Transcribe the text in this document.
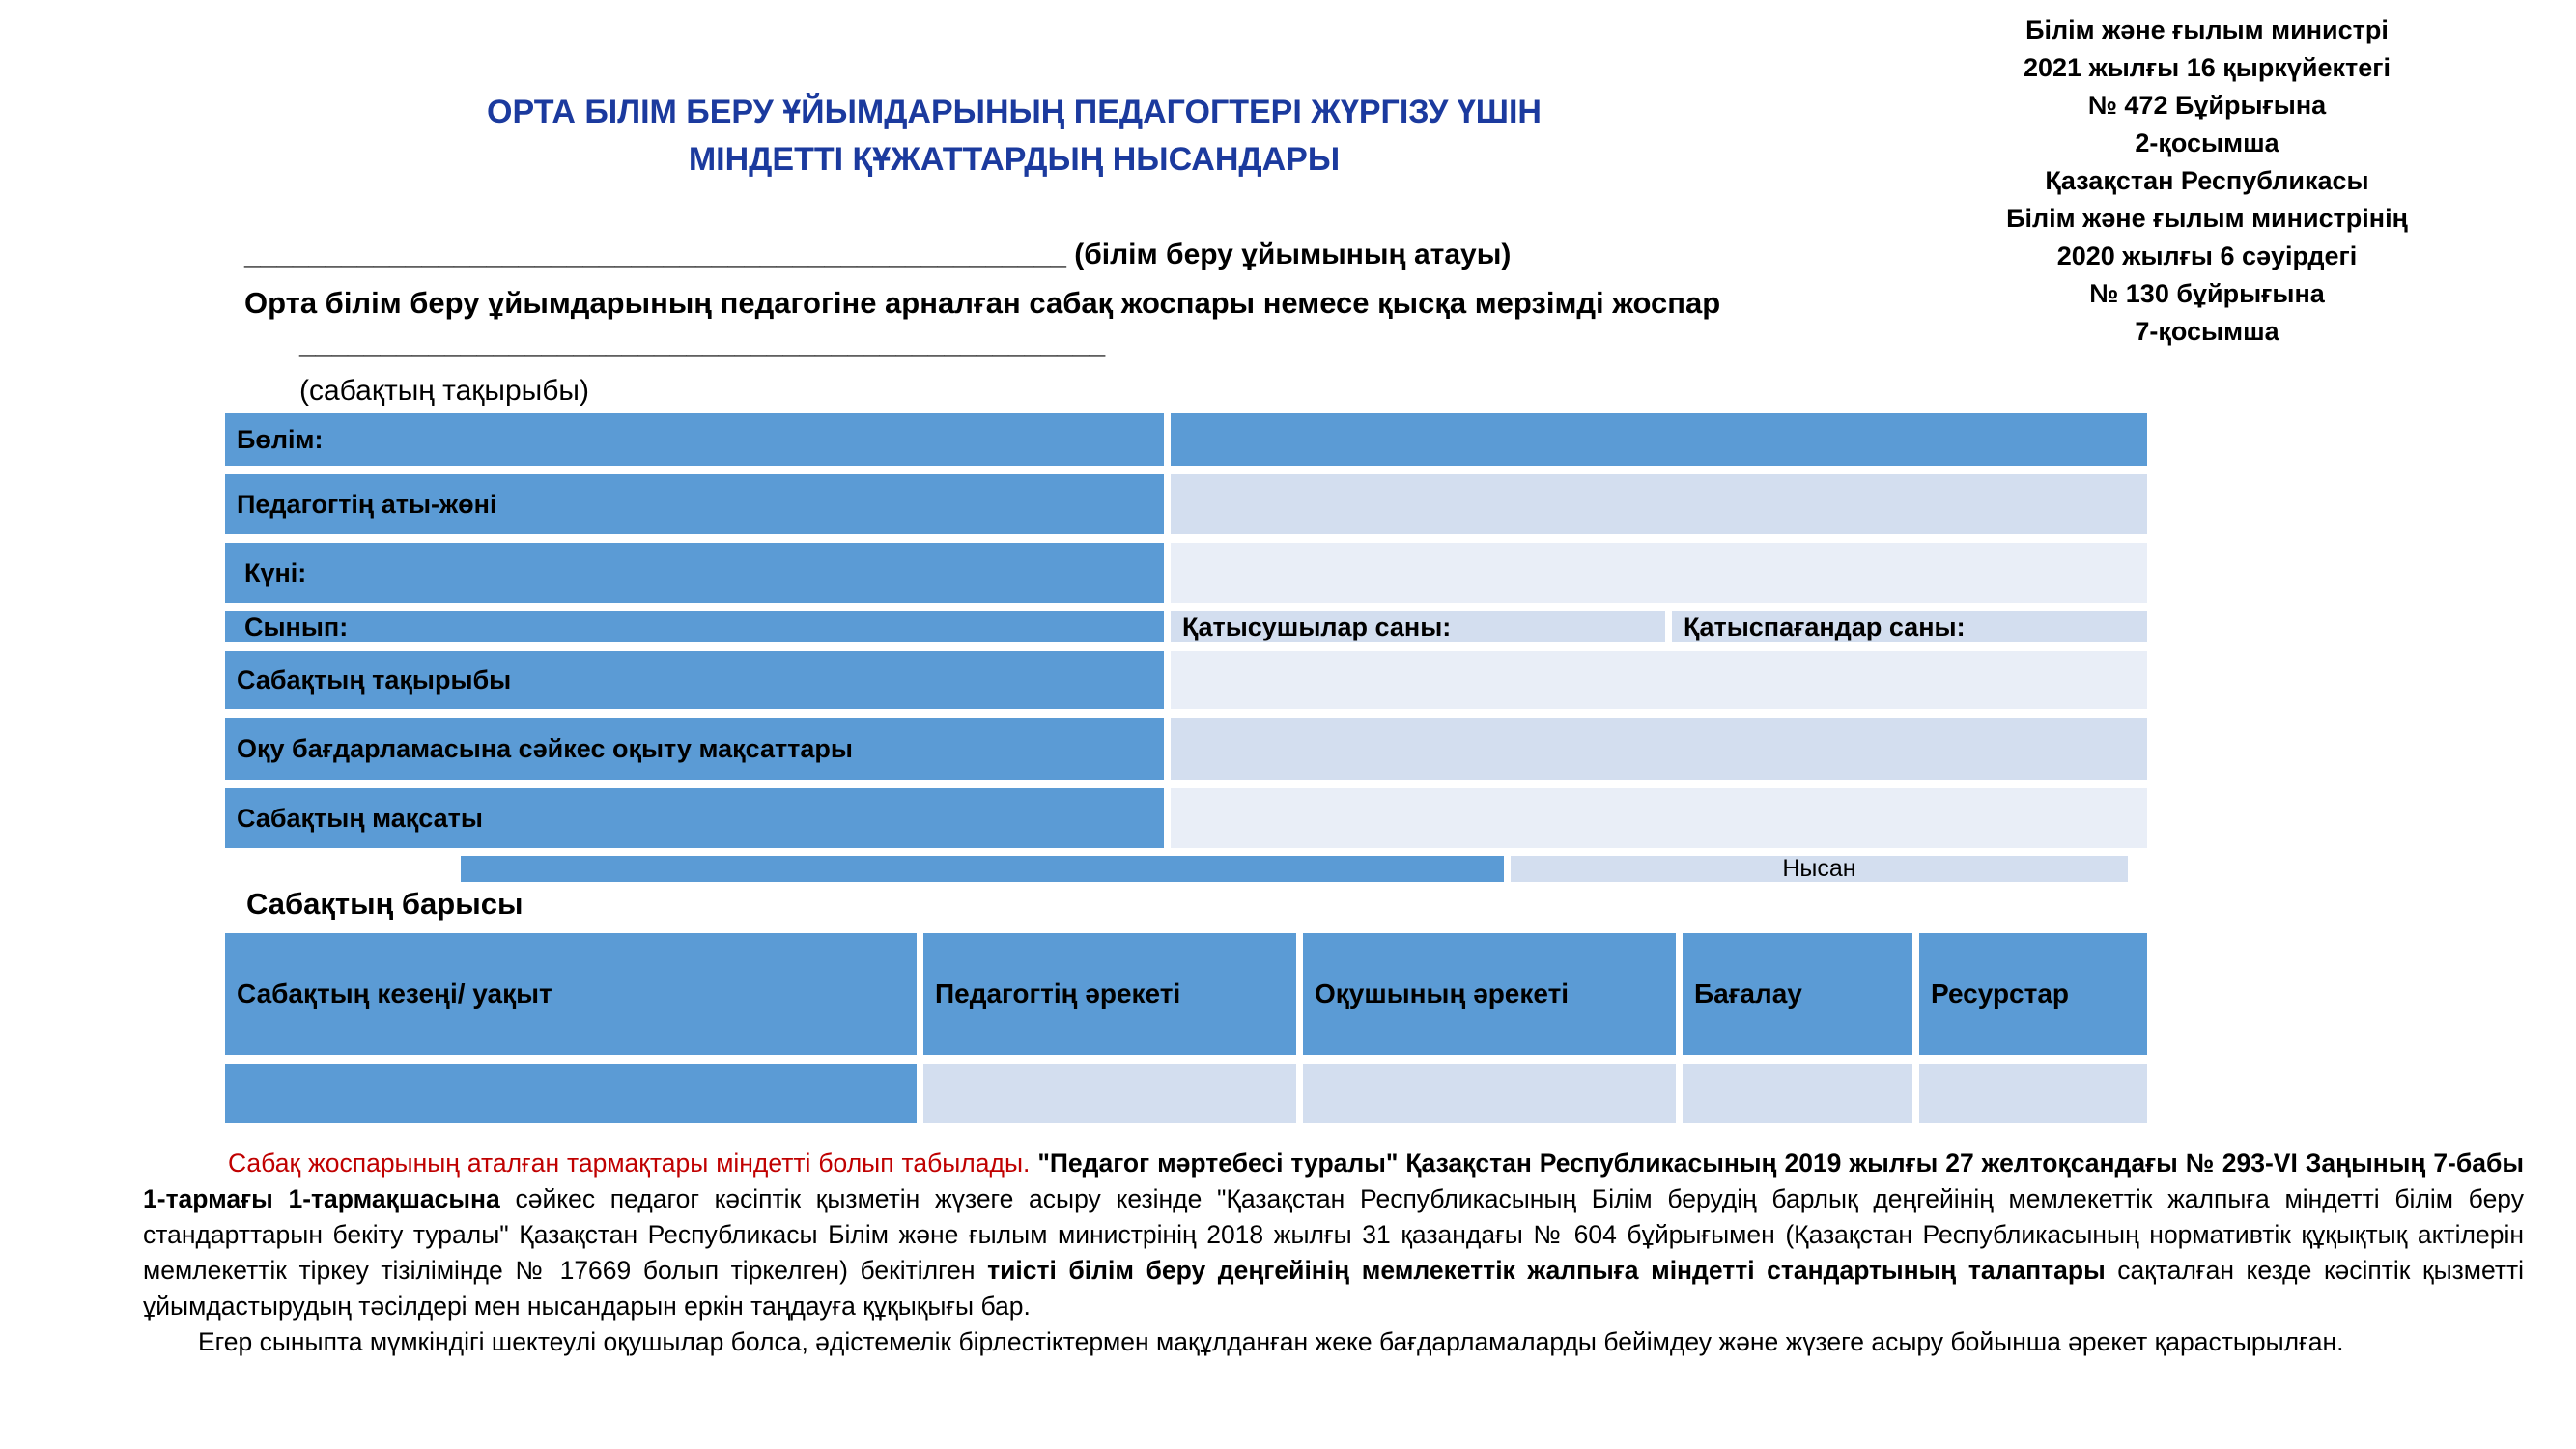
Білім және ғылым министрі
2021 жылғы 16 қыркүйектегі
№ 472 Бұйрығына
2-қосымша
Қазақстан Республикасы
Білім және ғылым министрінің
2020 жылғы 6 сәуірдегі
№ 130 бұйрығына
7-қосымша
ОРТА БІЛІМ БЕРУ ҰЙЫМДАРЫНЫҢ ПЕДАГОГТЕРІ ЖҮРГІЗУ ҮШІН
МІНДЕТТІ ҚҰЖАТТАРДЫҢ НЫСАНДАРЫ
___________________________________________________ (білім беру ұйымының атауы)
Орта білім беру ұйымдарының педагогіне арналған сабақ жоспары немесе қысқа мерзімді жоспар
__________________________________________________
(сабақтың тақырыбы)
Бөлім:
Педагогтің аты-жөні
Күні:
Сынып:	Қатысушылар саны:	Қатыспағандар саны:
Сабақтың тақырыбы
Оқу бағдарламасына сәйкес оқыту мақсаттары
Сабақтың мақсаты
Нысан
Сабақтың барысы
Сабақтың кезеңі/ уақыт	Педагогтің әрекеті	Оқушының әрекеті	Бағалау	Ресурстар

Сабақ жоспарының аталған тармақтары міндетті болып табылады. "Педагог мәртебесі туралы" Қазақстан Республикасының 2019 жылғы 27 желтоқсандағы № 293-VI Заңының 7-бабы 1-тармағы 1-тармақшасына сәйкес педагог кәсіптік қызметін жүзеге асыру кезінде "Қазақстан Республикасының Білім берудің барлық деңгейінің мемлекеттік жалпыға міндетті білім беру стандарттарын бекіту туралы" Қазақстан Республикасы Білім және ғылым министрінің 2018 жылғы 31 қазандағы № 604 бұйрығымен (Қазақстан Республикасының нормативтік құқықтық актілерін мемлекеттік тіркеу тізілімінде № 17669 болып тіркелген) бекітілген тиісті білім беру деңгейінің мемлекеттік жалпыға міндетті стандартының талаптары сақталған кезде кәсіптік қызметті ұйымдастырудың тәсілдері мен нысандарын еркін таңдауға құқықығы бар.

Егер сыныпта мүмкіндігі шектеулі оқушылар болса, әдістемелік бірлестіктермен мақұлданған жеке бағдарламаларды бейімдеу және жүзеге асыру бойынша әрекет қарастырылған.
